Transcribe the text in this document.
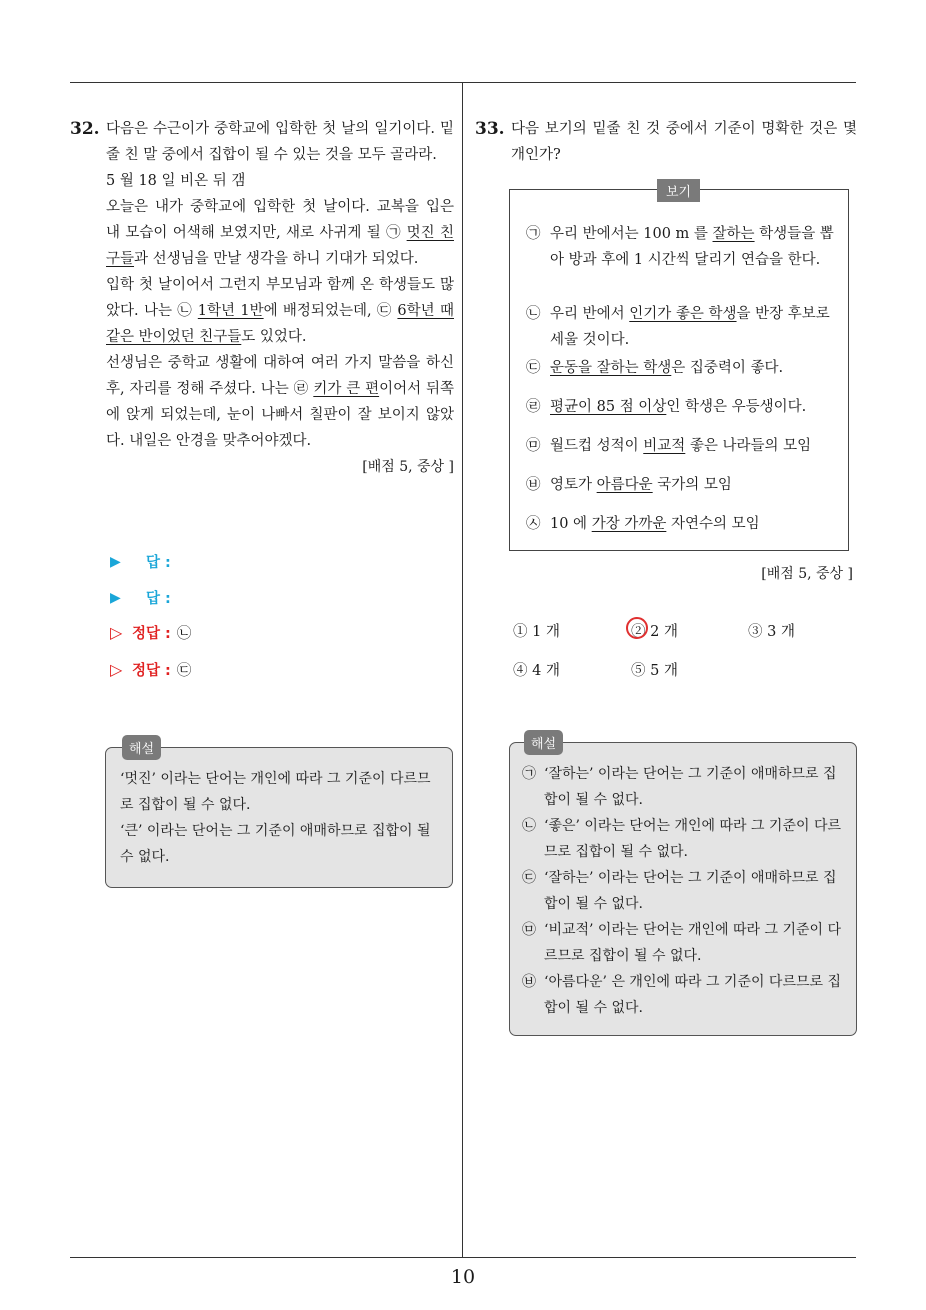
10
32. 다음은 수근이가 중학교에 입학한 첫 날의 일기이다. 밑 줄 친 말 중에서 집합이 될 수 있는 것을 모두 골라라.

5 월 18 일 비온 뒤 갬

오늘은 내가 중학교에 입학한 첫 날이다. 교복을 입은 내 모습이 어색해 보였지만, 새로 사귀게 될 ㉠ 멋진 친구들과 선생님을 만날 생각을 하니 기대가 되었다.

입학 첫 날이어서 그런지 부모님과 함께 온 학생들도 많았다. 나는 ㉡ 1학년 1반에 배정되었는데, ㉢ 6학년 때 같은 반이었던 친구들도 있었다.

선생님은 중학교 생활에 대하여 여러 가지 말씀을 하신 후, 자리를 정해 주셨다. 나는 ㉣ 키가 큰 편이어서 뒤쪽에 앉게 되었는데, 눈이 나빠서 칠판이 잘 보이지 않았다. 내일은 안경을 맞추어야겠다.

[배점 5, 중상 ]
▶	답 :
▶	답 :
▷ 정답 : ㉡
▷ 정답 : ㉢
해설

‘멋진’ 이라는 단어는 개인에 따라 그 기준이 다르므로 집합이 될 수 없다.

‘큰’ 이라는 단어는 그 기준이 애매하므로 집합이 될 수 없다.

33. 다음 보기의 밑줄 친 것 중에서 기준이 명확한 것은 몇 개인가?
보기
㉠ 우리 반에서는 100 m 를 잘하는 학생들을 뽑아 방과 후에 1 시간씩 달리기 연습을 한다.
㉡ 우리 반에서 인기가 좋은 학생을 반장 후보로 세울 것이다.
㉢ 운동을 잘하는 학생은 집중력이 좋다.
㉣ 평균이 85 점 이상인 학생은 우등생이다.
㉤ 월드컵 성적이 비교적 좋은 나라들의 모임
㉥ 영토가 아름다운 국가의 모임
㉦ 10 에 가장 가까운 자연수의 모임
[배점 5, 중상 ]
① 1 개	② 2 개	③ 3 개
④ 4 개	⑤ 5 개
해설
㉠ ‘잘하는’ 이라는 단어는 그 기준이 애매하므로 집합이 될 수 없다.
㉡ ‘좋은’ 이라는 단어는 개인에 따라 그 기준이 다르므로 집합이 될 수 없다.
㉢ ‘잘하는’ 이라는 단어는 그 기준이 애매하므로 집합이 될 수 없다.
㉤ ‘비교적’ 이라는 단어는 개인에 따라 그 기준이 다르므로 집합이 될 수 없다.
㉥ ‘아름다운’ 은 개인에 따라 그 기준이 다르므로 집합이 될 수 없다.
